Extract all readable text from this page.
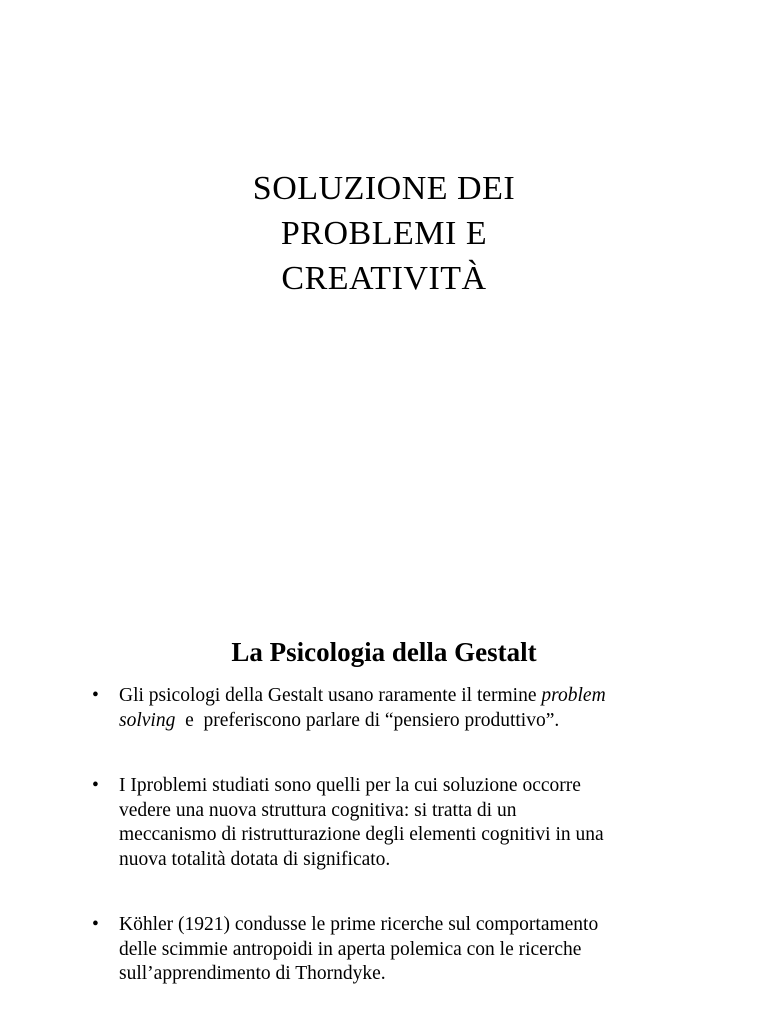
SOLUZIONE DEI
PROBLEMI E
CREATIVITÀ
La Psicologia della Gestalt
• Gli psicologi della Gestalt usano raramente il termine problem
solving  e  preferiscono parlare di “pensiero produttivo”.
• I Iproblemi studiati sono quelli per la cui soluzione occorre
vedere una nuova struttura cognitiva: si tratta di un
meccanismo di ristrutturazione degli elementi cognitivi in una
nuova totalità dotata di significato.
• Köhler (1921) condusse le prime ricerche sul comportamento
delle scimmie antropoidi in aperta polemica con le ricerche
sull’apprendimento di Thorndyke.
